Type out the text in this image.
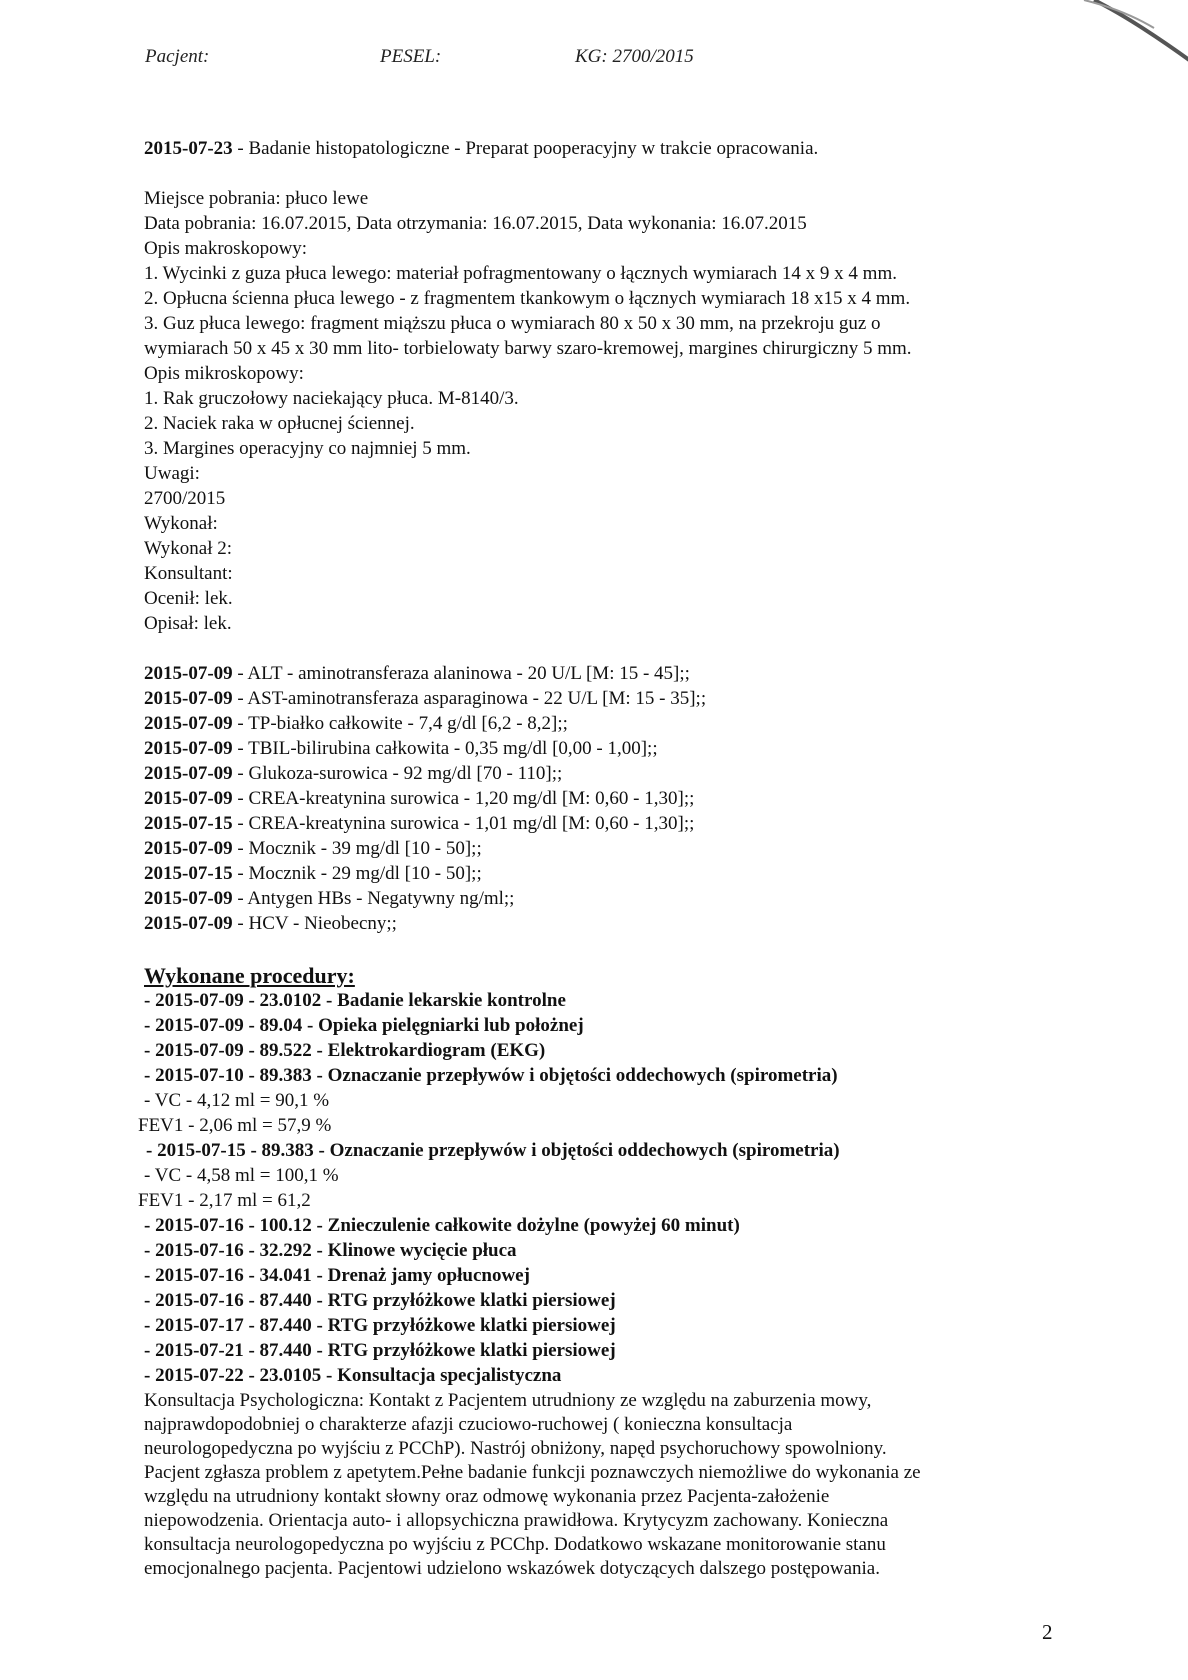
Pacjent:	PESEL:	KG: 2700/2015
2015-07-23 - Badanie histopatologiczne - Preparat pooperacyjny w trakcie opracowania.
Miejsce pobrania: płuco lewe
Data pobrania: 16.07.2015, Data otrzymania: 16.07.2015, Data wykonania: 16.07.2015
Opis makroskopowy:
1. Wycinki z guza płuca lewego: materiał pofragmentowany o łącznych wymiarach 14 x 9 x 4 mm.
2. Opłucna ścienna płuca lewego - z fragmentem tkankowym o łącznych wymiarach 18 x15 x 4 mm.
3. Guz płuca lewego: fragment miąższu płuca o wymiarach 80 x 50 x 30 mm, na przekroju guz o
wymiarach 50 x 45 x 30 mm lito- torbielowaty barwy szaro-kremowej, margines chirurgiczny 5 mm.
Opis mikroskopowy:
1. Rak gruczołowy naciekający płuca. M-8140/3.
2. Naciek raka w opłucnej ściennej.
3. Margines operacyjny co najmniej 5 mm.
Uwagi:
2700/2015
Wykonał:
Wykonał 2:
Konsultant:
Ocenił: lek.
Opisał: lek.
2015-07-09 - ALT - aminotransferaza alaninowa - 20 U/L [M: 15 - 45];;
2015-07-09 - AST-aminotransferaza asparaginowa - 22 U/L [M: 15 - 35];;
2015-07-09 - TP-białko całkowite - 7,4 g/dl [6,2 - 8,2];;
2015-07-09 - TBIL-bilirubina całkowita - 0,35 mg/dl [0,00 - 1,00];;
2015-07-09 - Glukoza-surowica - 92 mg/dl [70 - 110];;
2015-07-09 - CREA-kreatynina surowica - 1,20 mg/dl [M: 0,60 - 1,30];;
2015-07-15 - CREA-kreatynina surowica - 1,01 mg/dl [M: 0,60 - 1,30];;
2015-07-09 - Mocznik - 39 mg/dl [10 - 50];;
2015-07-15 - Mocznik - 29 mg/dl [10 - 50];;
2015-07-09 - Antygen HBs - Negatywny ng/ml;;
2015-07-09 - HCV - Nieobecny;;
Wykonane procedury:
- 2015-07-09 - 23.0102 - Badanie lekarskie kontrolne
- 2015-07-09 - 89.04 - Opieka pielęgniarki lub położnej
- 2015-07-09 - 89.522 - Elektrokardiogram (EKG)
- 2015-07-10 - 89.383 - Oznaczanie przepływów i objętości oddechowych (spirometria)
- VC - 4,12 ml = 90,1 %
FEV1 - 2,06 ml = 57,9 %
- 2015-07-15 - 89.383 - Oznaczanie przepływów i objętości oddechowych (spirometria)
- VC - 4,58 ml = 100,1 %
FEV1 - 2,17 ml = 61,2
- 2015-07-16 - 100.12 - Znieczulenie całkowite dożylne (powyżej 60 minut)
- 2015-07-16 - 32.292 - Klinowe wycięcie płuca
- 2015-07-16 - 34.041 - Drenaż jamy opłucnowej
- 2015-07-16 - 87.440 - RTG przyłóżkowe klatki piersiowej
- 2015-07-17 - 87.440 - RTG przyłóżkowe klatki piersiowej
- 2015-07-21 - 87.440 - RTG przyłóżkowe klatki piersiowej
- 2015-07-22 - 23.0105 - Konsultacja specjalistyczna
Konsultacja Psychologiczna: Kontakt z Pacjentem utrudniony ze względu na zaburzenia mowy,
najprawdopodobniej o charakterze afazji czuciowo-ruchowej ( konieczna konsultacja
neurologopedyczna po wyjściu z PCChP). Nastrój obniżony, napęd psychoruchowy spowolniony.
Pacjent zgłasza problem z apetytem.Pełne badanie funkcji poznawczych niemożliwe do wykonania ze
względu na utrudniony kontakt słowny oraz odmowę wykonania przez Pacjenta-założenie
niepowodzenia. Orientacja auto- i allopsychiczna prawidłowa. Krytycyzm zachowany. Konieczna
konsultacja neurologopedyczna po wyjściu z PCChp. Dodatkowo wskazane monitorowanie stanu
emocjonalnego pacjenta. Pacjentowi udzielono wskazówek dotyczących dalszego postępowania.
2
